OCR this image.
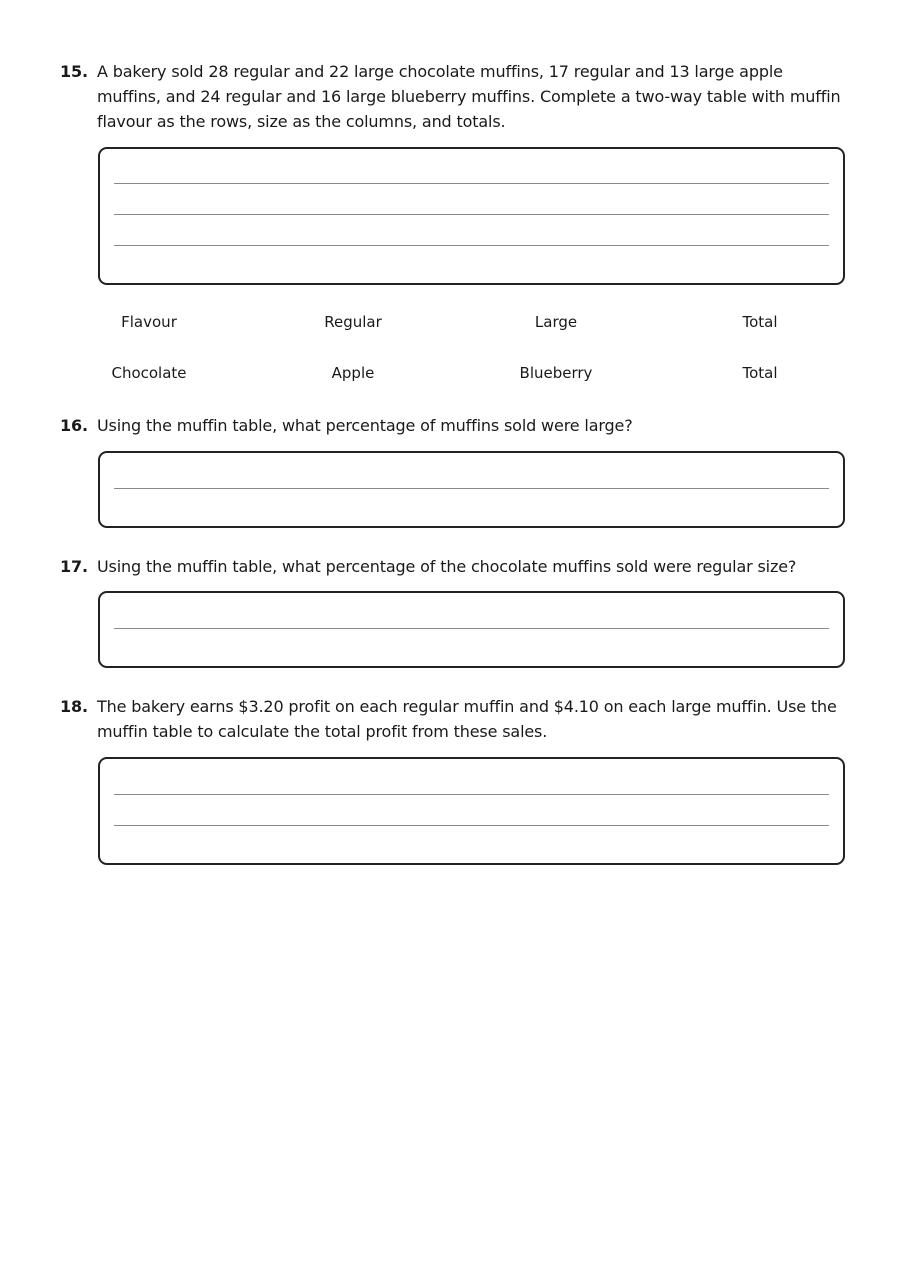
15. A bakery sold 28 regular and 22 large chocolate muffins, 17 regular and 13 large apple muffins, and 24 regular and 16 large blueberry muffins. Complete a two-way table with muffin flavour as the rows, size as the columns, and totals.
Flavour	Regular	Large	Total
Chocolate	Apple	Blueberry	Total
16. Using the muffin table, what percentage of muffins sold were large?
17. Using the muffin table, what percentage of the chocolate muffins sold were regular size?
18. The bakery earns $3.20 profit on each regular muffin and $4.10 on each large muffin. Use the muffin table to calculate the total profit from these sales.
